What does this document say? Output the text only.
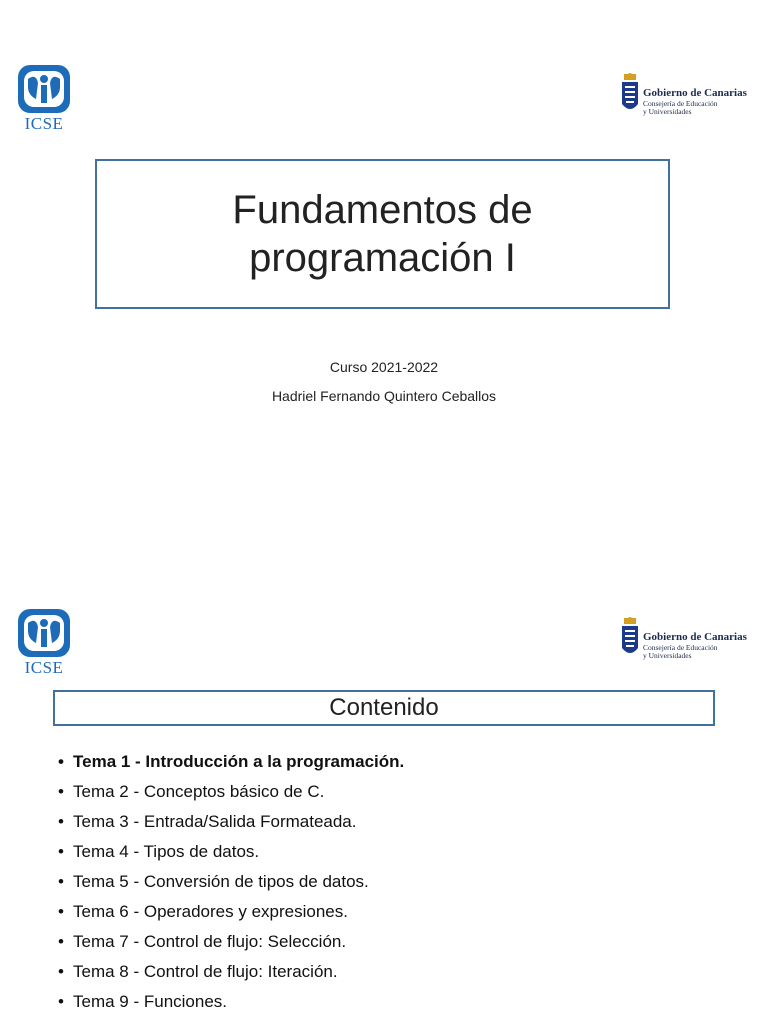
ICSE
Gobierno de Canarias
Consejería de Educación
y Universidades
Fundamentos de programación I
Curso 2021-2022
Hadriel Fernando Quintero Ceballos
ICSE
Gobierno de Canarias
Consejería de Educación
y Universidades
Contenido
• Tema 1 - Introducción a la programación.
• Tema 2 - Conceptos básico de C.
• Tema 3 - Entrada/Salida Formateada.
• Tema 4 - Tipos de datos.
• Tema 5 - Conversión de tipos de datos.
• Tema 6 - Operadores y expresiones.
• Tema 7 - Control de flujo: Selección.
• Tema 8 - Control de flujo: Iteración.
• Tema 9 - Funciones.
